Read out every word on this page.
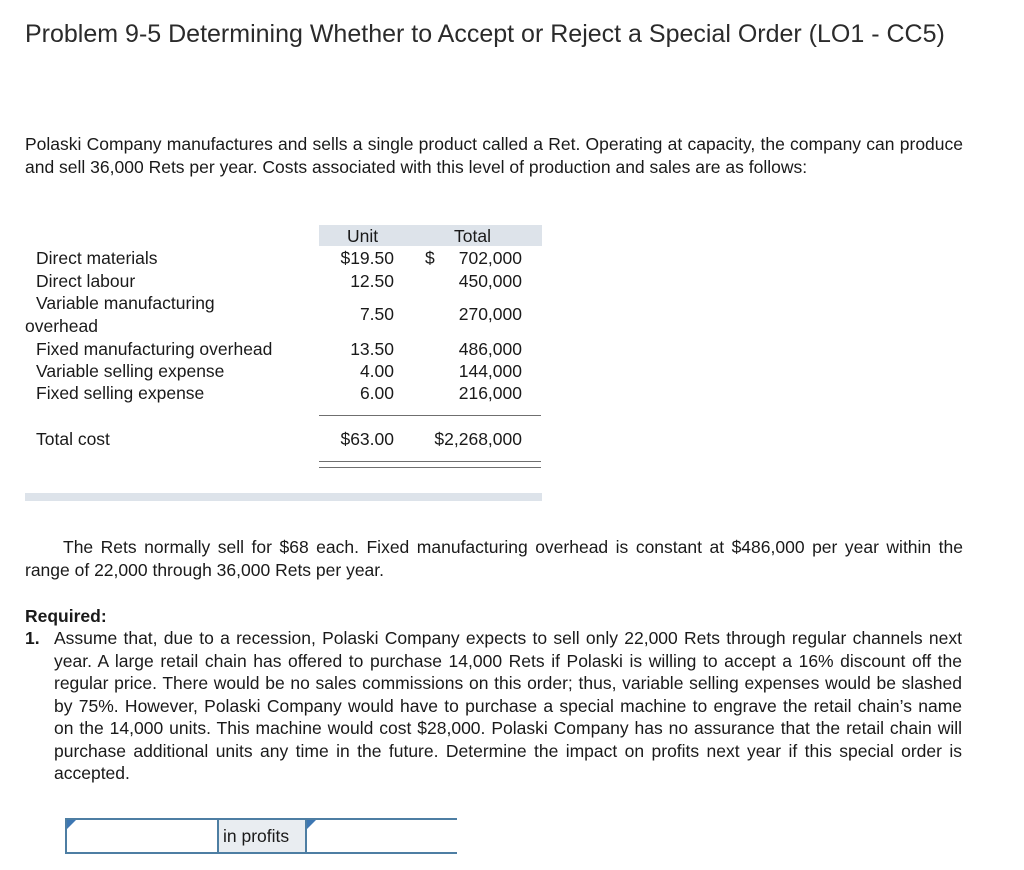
Problem 9-5 Determining Whether to Accept or Reject a Special Order (LO1 - CC5)
Polaski Company manufactures and sells a single product called a Ret. Operating at capacity, the company can produce and sell 36,000 Rets per year. Costs associated with this level of production and sales are as follows:
Unit	Total
Direct materials	$19.50 $ 702,000
Direct labour	12.50	450,000
Variable manufacturing
overhead
7.50	270,000
Fixed manufacturing overhead	13.50	486,000
Variable selling expense	4.00	144,000
Fixed selling expense	6.00	216,000
Total cost	$63.00 $2,268,000
The Rets normally sell for $68 each. Fixed manufacturing overhead is constant at $486,000 per year within the range of 22,000 through 36,000 Rets per year.
Required:
1. Assume that, due to a recession, Polaski Company expects to sell only 22,000 Rets through regular channels next year. A large retail chain has offered to purchase 14,000 Rets if Polaski is willing to accept a 16% discount off the regular price. There would be no sales commissions on this order; thus, variable selling expenses would be slashed by 75%. However, Polaski Company would have to purchase a special machine to engrave the retail chain’s name on the 14,000 units. This machine would cost $28,000. Polaski Company has no assurance that the retail chain will purchase additional units any time in the future. Determine the impact on profits next year if this special order is accepted.
in profits
